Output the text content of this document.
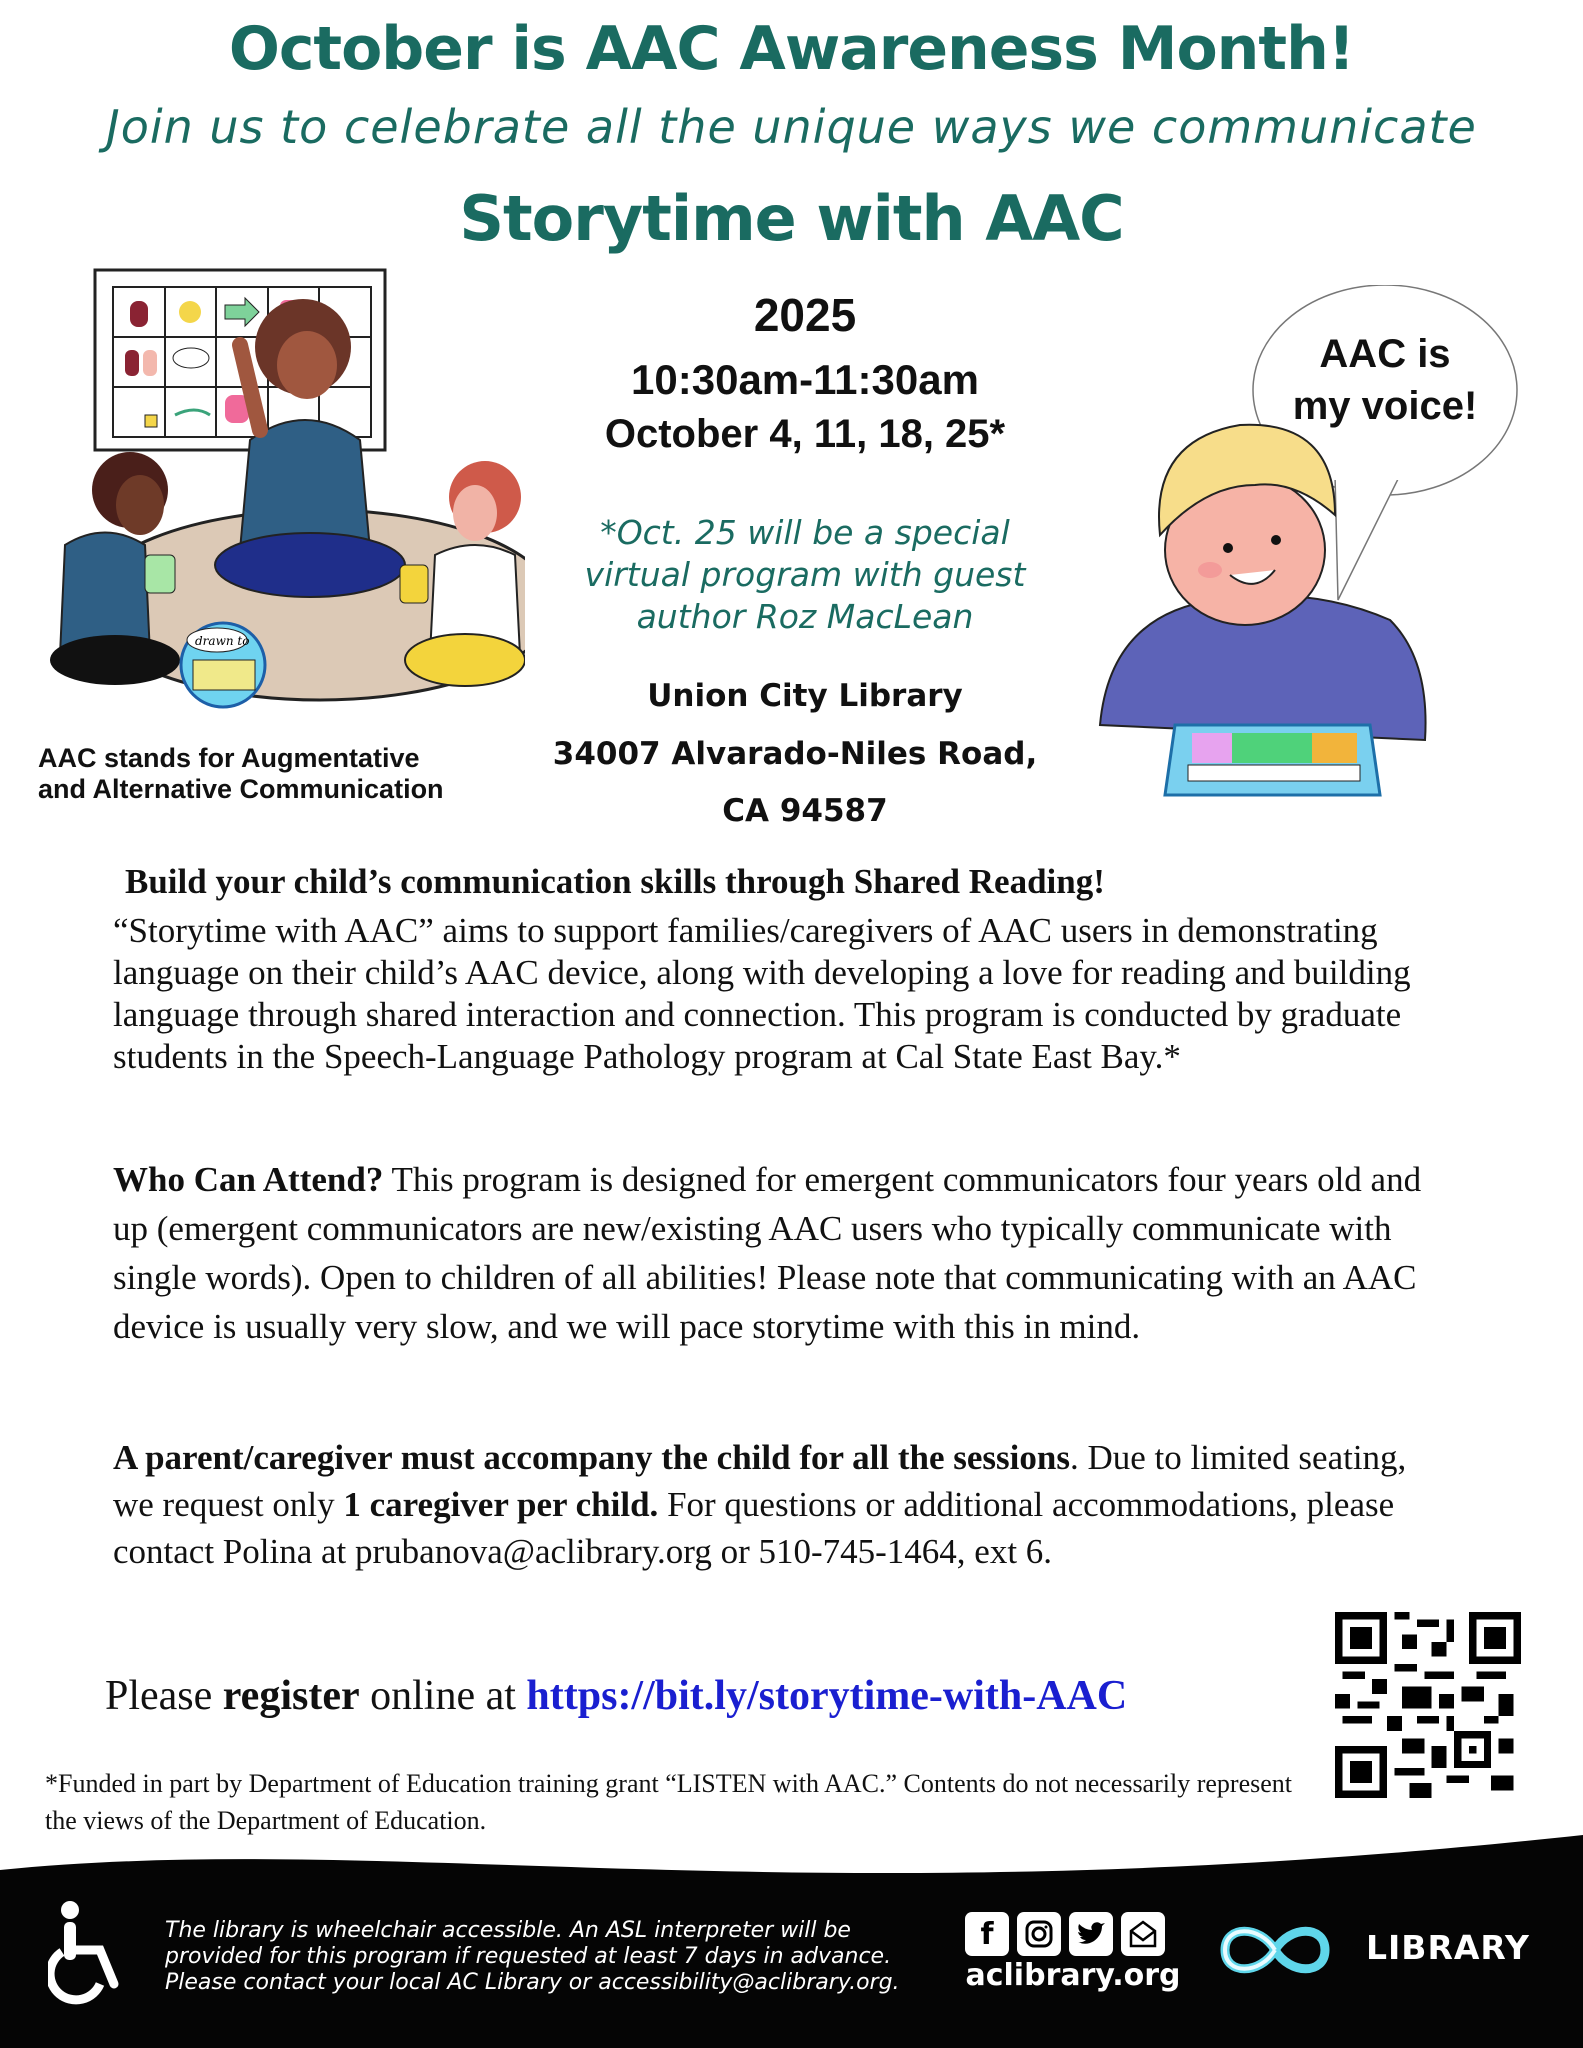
October is AAC Awareness Month!
Join us to celebrate all the unique ways we communicate
Storytime with AAC
drawn to
AAC stands for Augmentative
and Alternative Communication
2025
10:30am-11:30am
October 4, 11, 18, 25*
*Oct. 25 will be a special
virtual program with guest
author Roz MacLean
Union City Library
34007 Alvarado-Niles Road,
CA 94587
AAC is
my voice!
Build your child’s communication skills through Shared Reading!
“Storytime with AAC” aims to support families/caregivers of AAC users in demonstrating language on their child’s AAC device, along with developing a love for reading and building language through shared interaction and connection. This program is conducted by graduate students in the Speech-Language Pathology program at Cal State East Bay.*
Who Can Attend? This program is designed for emergent communicators four years old and up (emergent communicators are new/existing AAC users who typically communicate with single words). Open to children of all abilities! Please note that communicating with an AAC device is usually very slow, and we will pace storytime with this in mind.
A parent/caregiver must accompany the child for all the sessions. Due to limited seating, we request only 1 caregiver per child. For questions or additional accommodations, please contact Polina at prubanova@aclibrary.org or 510-745-1464, ext 6.
Please register online at https://bit.ly/storytime-with-AAC
*Funded in part by Department of Education training grant “LISTEN with AAC.” Contents do not necessarily represent the views of the Department of Education.
The library is wheelchair accessible. An ASL interpreter will be
provided for this program if requested at least 7 days in advance.
Please contact your local AC Library or accessibility@aclibrary.org.
f
aclibrary.org
LIBRARY
